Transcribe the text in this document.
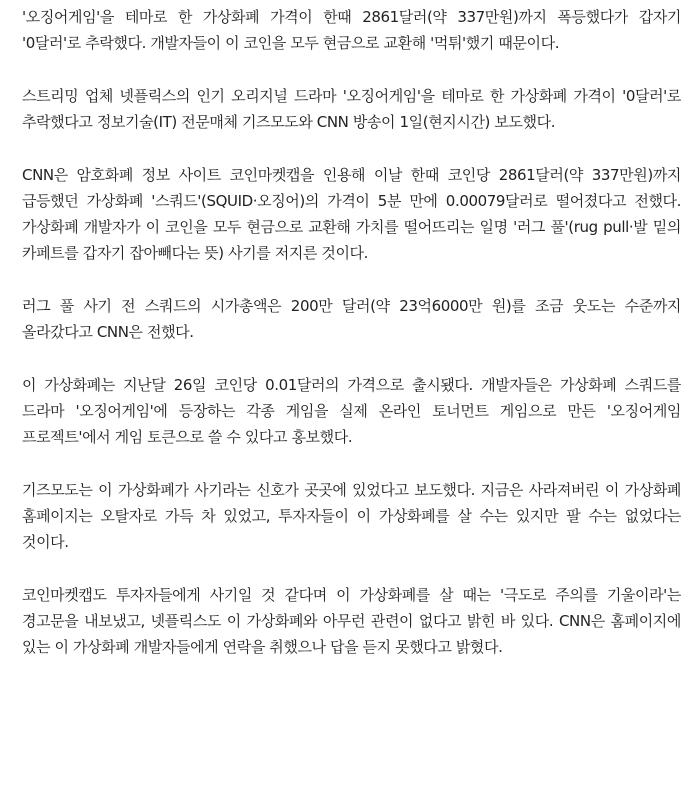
'오징어게임'을 테마로 한 가상화폐 가격이 한때 2861달러(약 337만원)까지 폭등했다가 갑자기 '0달러'로 추락했다. 개발자들이 이 코인을 모두 현금으로 교환해 '먹튀'했기 때문이다.

스트리밍 업체 넷플릭스의 인기 오리지널 드라마 '오징어게임'을 테마로 한 가상화폐 가격이 '0달러'로 추락했다고 정보기술(IT) 전문매체 기즈모도와 CNN 방송이 1일(현지시간) 보도했다.

CNN은 암호화폐 정보 사이트 코인마켓캡을 인용해 이날 한때 코인당 2861달러(약 337만원)까지 급등했던 가상화폐 '스쿼드'(SQUID·오징어)의 가격이 5분 만에 0.00079달러로 떨어졌다고 전했다. 가상화폐 개발자가 이 코인을 모두 현금으로 교환해 가치를 떨어뜨리는 일명 '러그 풀'(rug pull·발 밑의 카페트를 갑자기 잡아빼다는 뜻) 사기를 저지른 것이다.

러그 풀 사기 전 스쿼드의 시가총액은 200만 달러(약 23억6000만 원)를 조금 웃도는 수준까지 올라갔다고 CNN은 전했다.

이 가상화폐는 지난달 26일 코인당 0.01달러의 가격으로 출시됐다. 개발자들은 가상화폐 스쿼드를 드라마 '오징어게임'에 등장하는 각종 게임을 실제 온라인 토너먼트 게임으로 만든 '오징어게임 프로젝트'에서 게임 토큰으로 쓸 수 있다고 홍보했다.

기즈모도는 이 가상화폐가 사기라는 신호가 곳곳에 있었다고 보도했다. 지금은 사라져버린 이 가상화폐 홈페이지는 오탈자로 가득 차 있었고, 투자자들이 이 가상화폐를 살 수는 있지만 팔 수는 없었다는 것이다.

코인마켓캡도 투자자들에게 사기일 것 같다며 이 가상화폐를 살 때는 '극도로 주의를 기울이라'는 경고문을 내보냈고, 넷플릭스도 이 가상화폐와 아무런 관련이 없다고 밝힌 바 있다. CNN은 홈페이지에 있는 이 가상화폐 개발자들에게 연락을 취했으나 답을 듣지 못했다고 밝혔다.
